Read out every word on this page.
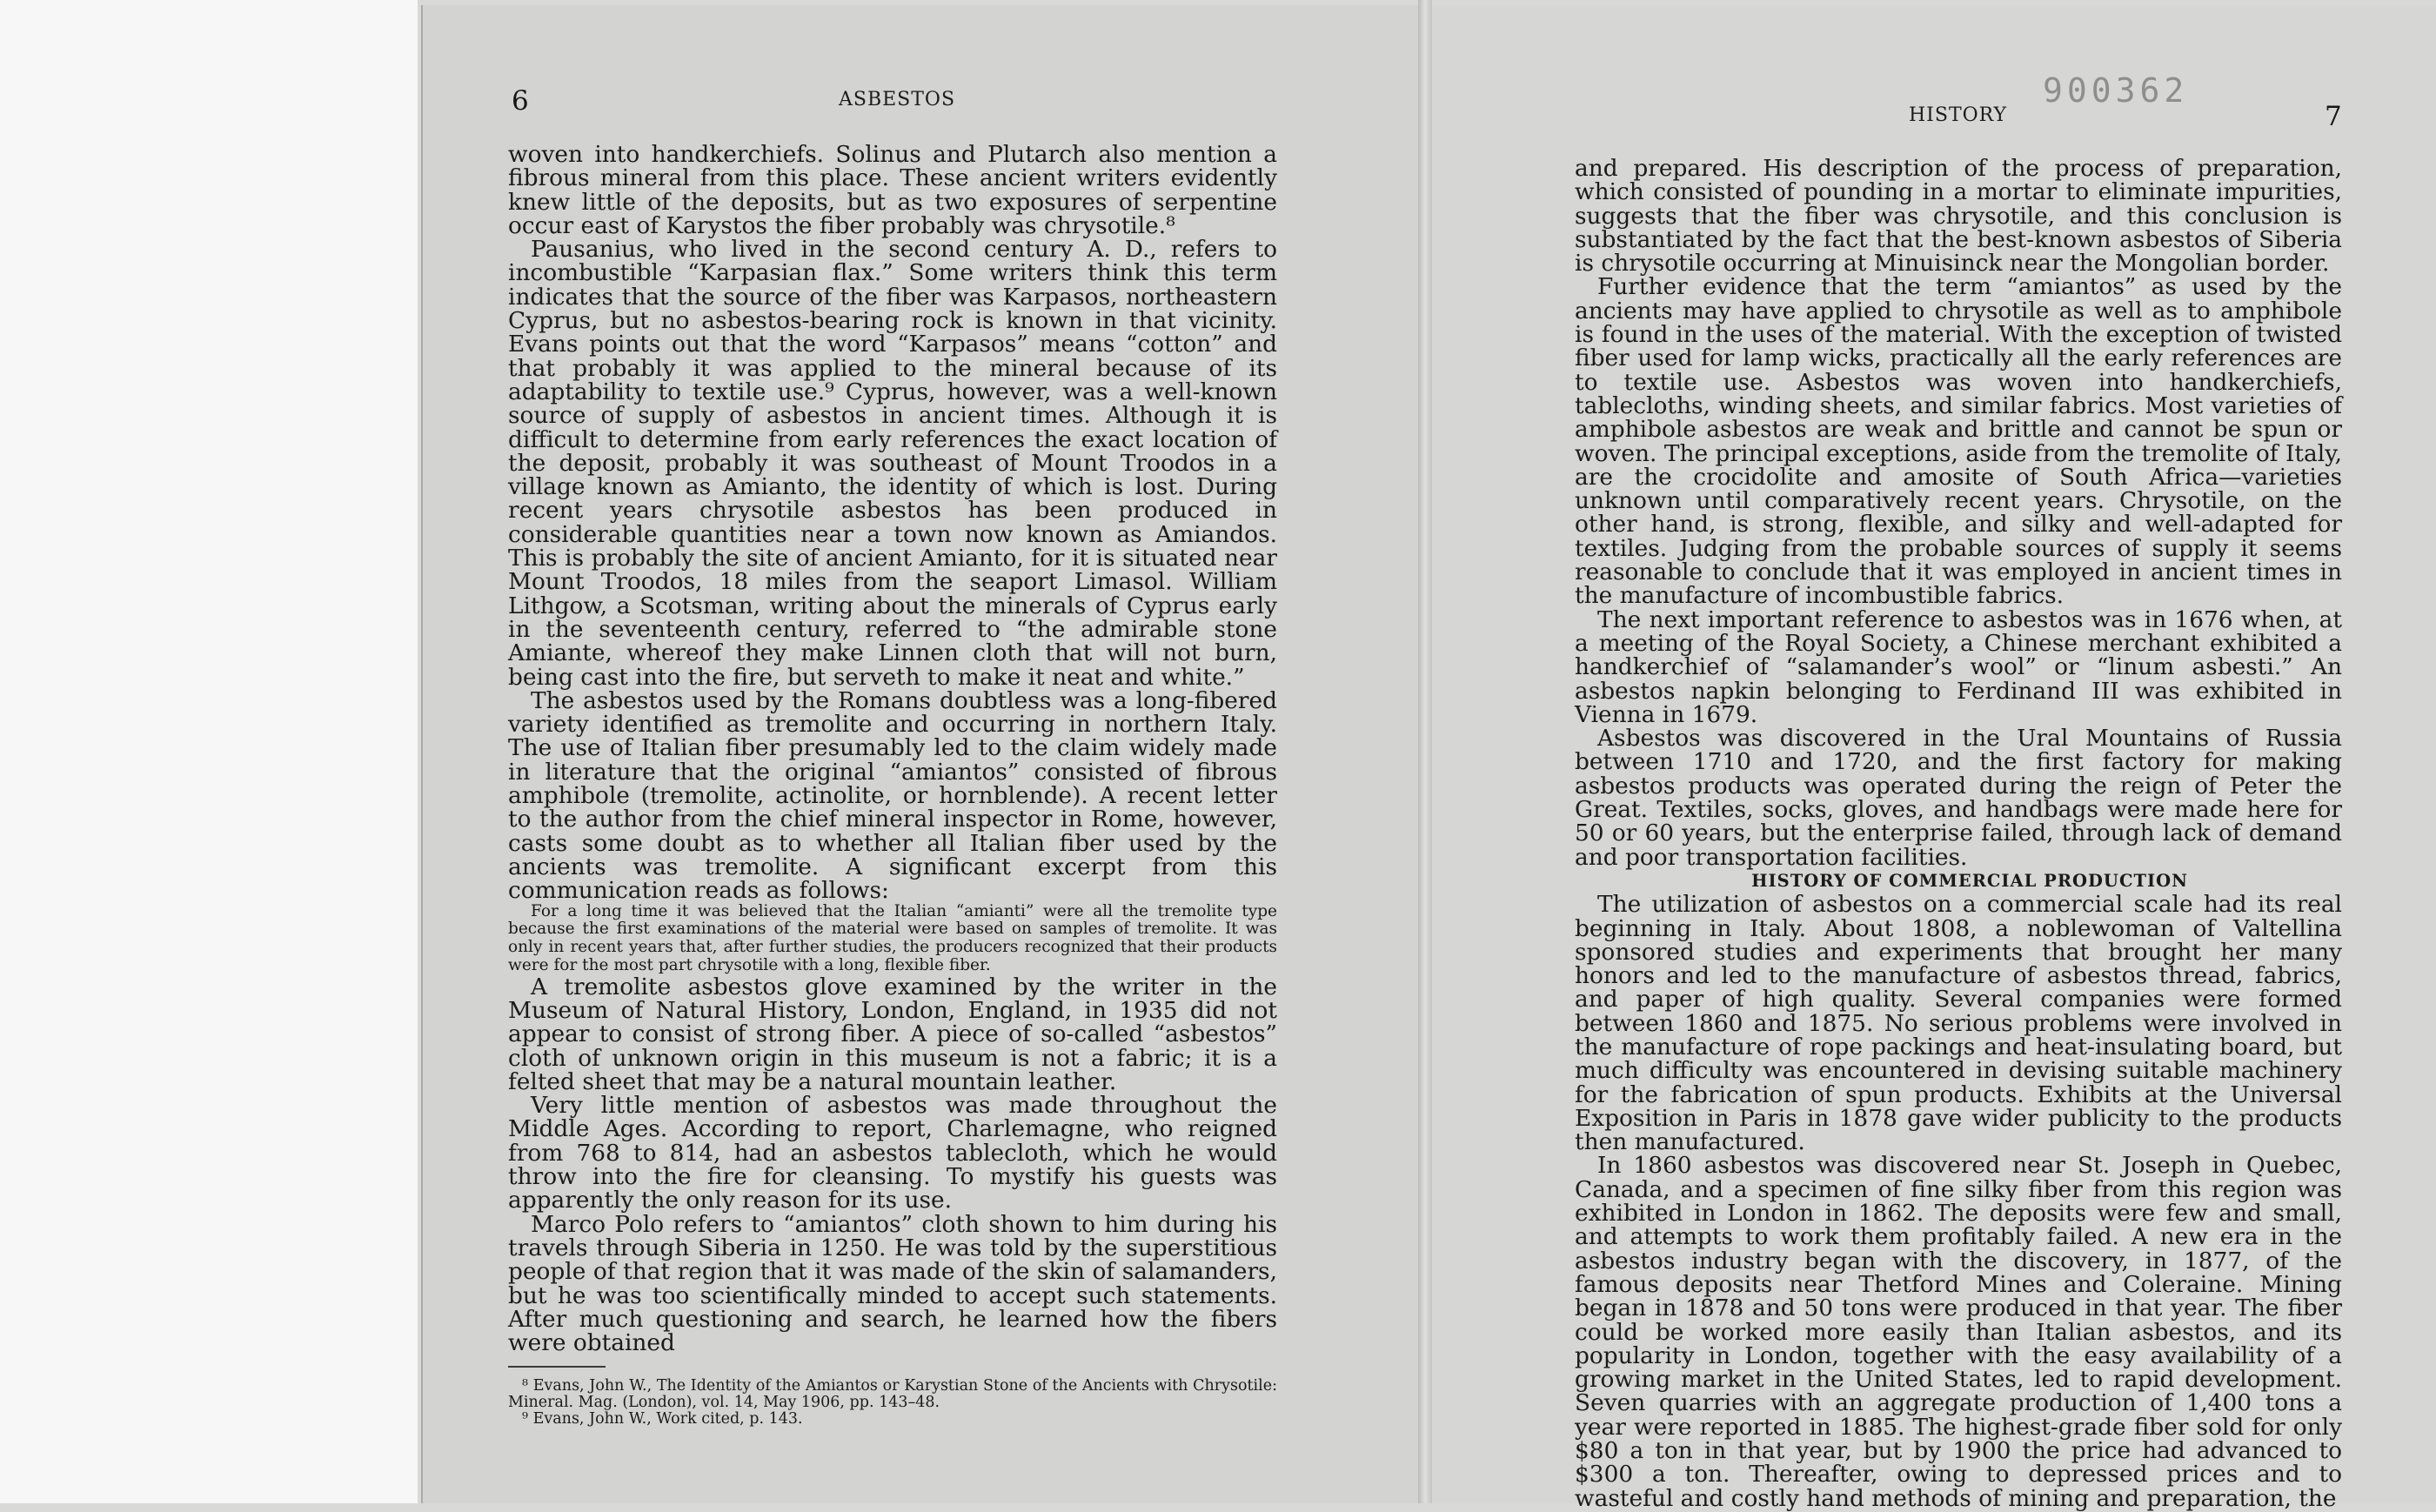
6	ASBESTOS

woven into handkerchiefs. Solinus and Plutarch also mention a fibrous mineral from this place. These ancient writers evidently knew little of the deposits, but as two exposures of serpentine occur east of Karystos the fiber probably was chrysotile.⁸

Pausanius, who lived in the second century A. D., refers to incombustible “Karpasian flax.” Some writers think this term indicates that the source of the fiber was Karpasos, northeastern Cyprus, but no asbestos-bearing rock is known in that vicinity. Evans points out that the word “Karpasos” means “cotton” and that probably it was applied to the mineral because of its adaptability to textile use.⁹ Cyprus, however, was a well-known source of supply of asbestos in ancient times. Although it is difficult to determine from early references the exact location of the deposit, probably it was southeast of Mount Troodos in a village known as Amianto, the identity of which is lost. During recent years chrysotile asbestos has been produced in considerable quantities near a town now known as Amiandos. This is probably the site of ancient Amianto, for it is situated near Mount Troodos, 18 miles from the seaport Limasol. William Lithgow, a Scotsman, writing about the minerals of Cyprus early in the seventeenth century, referred to “the admirable stone Amiante, whereof they make Linnen cloth that will not burn, being cast into the fire, but serveth to make it neat and white.”

The asbestos used by the Romans doubtless was a long-fibered variety identified as tremolite and occurring in northern Italy. The use of Italian fiber presumably led to the claim widely made in literature that the original “amiantos” consisted of fibrous amphibole (tremolite, actinolite, or hornblende). A recent letter to the author from the chief mineral inspector in Rome, however, casts some doubt as to whether all Italian fiber used by the ancients was tremolite. A significant excerpt from this communication reads as follows:

For a long time it was believed that the Italian “amianti” were all the tremolite type because the first examinations of the material were based on samples of tremolite. It was only in recent years that, after further studies, the producers recognized that their products were for the most part chrysotile with a long, flexible fiber.

A tremolite asbestos glove examined by the writer in the Museum of Natural History, London, England, in 1935 did not appear to consist of strong fiber. A piece of so-called “asbestos” cloth of unknown origin in this museum is not a fabric; it is a felted sheet that may be a natural mountain leather.

Very little mention of asbestos was made throughout the Middle Ages. According to report, Charlemagne, who reigned from 768 to 814, had an asbestos tablecloth, which he would throw into the fire for cleansing. To mystify his guests was apparently the only reason for its use.

Marco Polo refers to “amiantos” cloth shown to him during his travels through Siberia in 1250. He was told by the superstitious people of that region that it was made of the skin of salamanders, but he was too scientifically minded to accept such statements. After much questioning and search, he learned how the fibers were obtained

⁸ Evans, John W., The Identity of the Amiantos or Karystian Stone of the Ancients with Chrysotile: Mineral. Mag. (London), vol. 14, May 1906, pp. 143–48.

⁹ Evans, John W., Work cited, p. 143.

900362
HISTORY	7

and prepared. His description of the process of preparation, which consisted of pounding in a mortar to eliminate impurities, suggests that the fiber was chrysotile, and this conclusion is substantiated by the fact that the best-known asbestos of Siberia is chrysotile occurring at Minuisinck near the Mongolian border.

Further evidence that the term “amiantos” as used by the ancients may have applied to chrysotile as well as to amphibole is found in the uses of the material. With the exception of twisted fiber used for lamp wicks, practically all the early references are to textile use. Asbestos was woven into handkerchiefs, tablecloths, winding sheets, and similar fabrics. Most varieties of amphibole asbestos are weak and brittle and cannot be spun or woven. The principal exceptions, aside from the tremolite of Italy, are the crocidolite and amosite of South Africa—varieties unknown until comparatively recent years. Chrysotile, on the other hand, is strong, flexible, and silky and well-adapted for textiles. Judging from the probable sources of supply it seems reasonable to conclude that it was employed in ancient times in the manufacture of incombustible fabrics.

The next important reference to asbestos was in 1676 when, at a meeting of the Royal Society, a Chinese merchant exhibited a handkerchief of “salamander’s wool” or “linum asbesti.” An asbestos napkin belonging to Ferdinand III was exhibited in Vienna in 1679.

Asbestos was discovered in the Ural Mountains of Russia between 1710 and 1720, and the first factory for making asbestos products was operated during the reign of Peter the Great. Textiles, socks, gloves, and handbags were made here for 50 or 60 years, but the enterprise failed, through lack of demand and poor transportation facilities.

HISTORY OF COMMERCIAL PRODUCTION

The utilization of asbestos on a commercial scale had its real beginning in Italy. About 1808, a noblewoman of Valtellina sponsored studies and experiments that brought her many honors and led to the manufacture of asbestos thread, fabrics, and paper of high quality. Several companies were formed between 1860 and 1875. No serious problems were involved in the manufacture of rope packings and heat-insulating board, but much difficulty was encountered in devising suitable machinery for the fabrication of spun products. Exhibits at the Universal Exposition in Paris in 1878 gave wider publicity to the products then manufactured.

In 1860 asbestos was discovered near St. Joseph in Quebec, Canada, and a specimen of fine silky fiber from this region was exhibited in London in 1862. The deposits were few and small, and attempts to work them profitably failed. A new era in the asbestos industry began with the discovery, in 1877, of the famous deposits near Thetford Mines and Coleraine. Mining began in 1878 and 50 tons were produced in that year. The fiber could be worked more easily than Italian asbestos, and its popularity in London, together with the easy availability of a growing market in the United States, led to rapid development. Seven quarries with an aggregate production of 1,400 tons a year were reported in 1885. The highest-grade fiber sold for only $80 a ton in that year, but by 1900 the price had advanced to $300 a ton. Thereafter, owing to depressed prices and to wasteful and costly hand methods of mining and preparation, the
